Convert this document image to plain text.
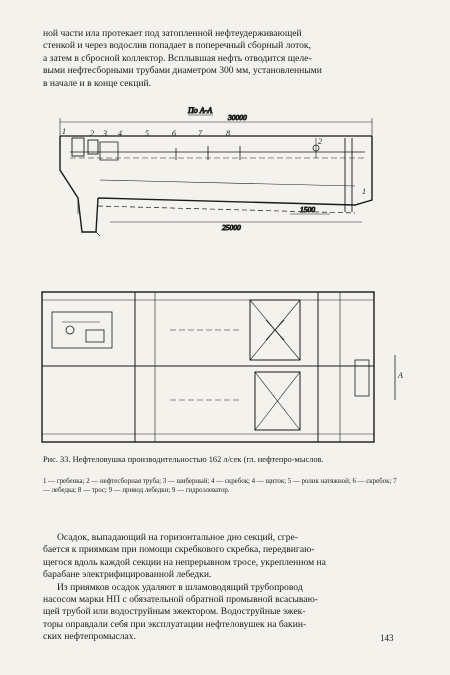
ной части ила протекает под затопленной нефтеудерживающей

стенкой и через водослив попадает в поперечный сборный лоток,

а затем в сбросной коллектор. Всплывшая нефть отводится щеле-

выми нефтесборными трубами диаметром 300 мм, установленными

в начале и в конце секций.

По А-А
30000
25000
1500
1	2 3 4	5	6	7	8
2
1
А
Рис. 33. Нефтеловушка производительностью 162 л/сек (гл. нефтепро-мыслов.
1 — гребенка; 2 — нефтесборная труба; 3 — шиберный; 4 — скребок; 4 — щиток; 5 — ролик натяжной; 6 — скребок; 7 — лебедка; 8 — трос; 9 — привод лебедки; 9 — гидроэлеватор.

Осадок, выпадающий на горизонтальное дно секций, сгре-

бается к приямкам при помощи скребкового скребка, передвигаю-

щегося вдоль каждой секции на непрерывном тросе, укрепленном на

барабане электрифицированной лебедки.

Из приямков осадок удаляют в шламоводящий трубопровод

насосом марки НП с обязательной обратной промывной всасываю-

щей трубой или водоструйным эжектором. Водоструйные эжек-

торы оправдали себя при эксплуатации нефтеловушек на бакин-

ских нефтепромыслах.	143
